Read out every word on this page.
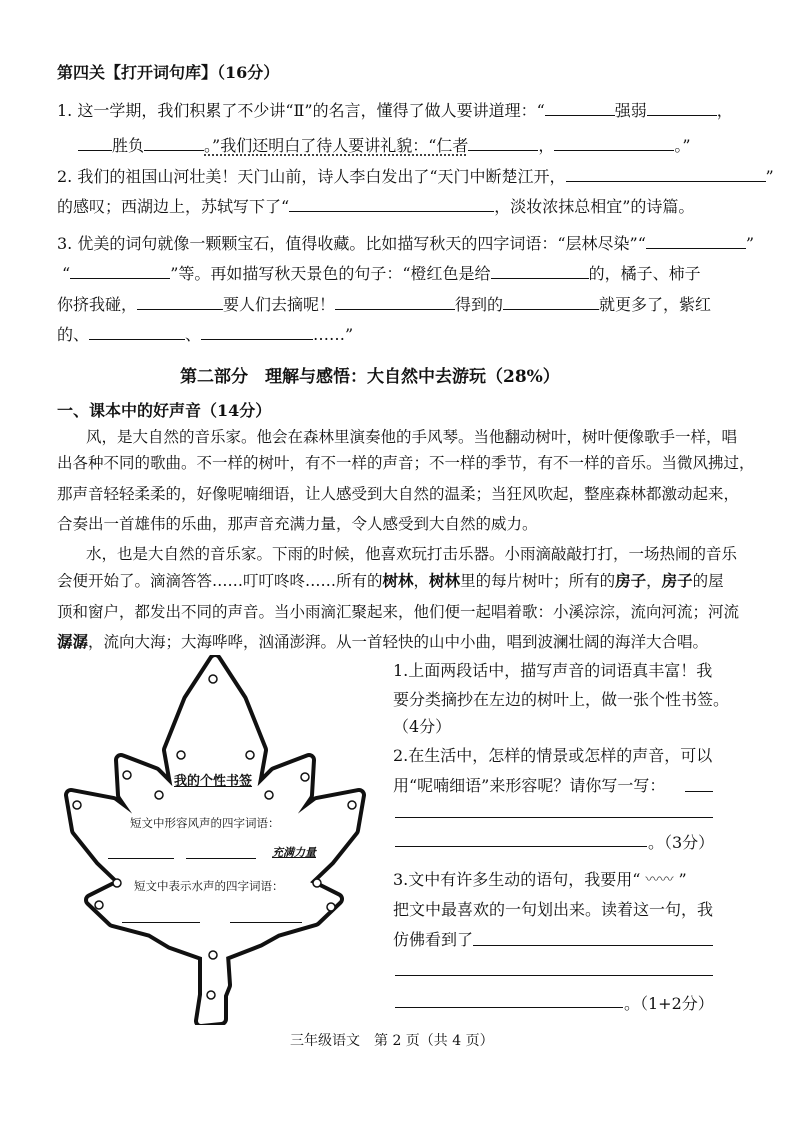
第四关【打开词句库】（16分）
1. 这一学期，我们积累了不少讲“Ⅱ”的名言，懂得了做人要讲道理：“	强弱	，
胜负	。”我们还明白了待人要讲礼貌：“仁者	，	。”
2. 我们的祖国山河壮美！天门山前，诗人李白发出了“天门中断楚江开，	”
的感叹；西湖边上，苏轼写下了“	，淡妆浓抹总相宜”的诗篇。
3. 优美的词句就像一颗颗宝石，值得收藏。比如描写秋天的四字词语：“层林尽染”“	”
“	”等。再如描写秋天景色的句子：“橙红色是给	的，橘子、柿子
你挤我碰，	要人们去摘呢！	得到的	就更多了，紫红
的、	、	……”
第二部分　理解与感悟：大自然中去游玩（28%）
一、课本中的好声音（14分）
风，是大自然的音乐家。他会在森林里演奏他的手风琴。当他翻动树叶，树叶便像歌手一样，唱
出各种不同的歌曲。不一样的树叶，有不一样的声音；不一样的季节，有不一样的音乐。当微风拂过，
那声音轻轻柔柔的，好像呢喃细语，让人感受到大自然的温柔；当狂风吹起，整座森林都激动起来，
合奏出一首雄伟的乐曲，那声音充满力量，令人感受到大自然的威力。
水，也是大自然的音乐家。下雨的时候，他喜欢玩打击乐器。小雨滴敲敲打打，一场热闹的音乐
会便开始了。滴滴答答……叮叮咚咚……所有的树林，树林里的每片树叶；所有的房子，房子的屋
顶和窗户，都发出不同的声音。当小雨滴汇聚起来，他们便一起唱着歌：小溪淙淙，流向河流；河流
潺潺，流向大海；大海哗哗，汹涌澎湃。从一首轻快的山中小曲，唱到波澜壮阔的海洋大合唱。
我的个性书签
短文中形容风声的四字词语：
充满力量
短文中表示水声的四字词语：
1.上面两段话中，描写声音的词语真丰富！我
要分类摘抄在左边的树叶上，做一张个性书签。
（4分）
2.在生活中，怎样的情景或怎样的声音，可以
用“呢喃细语”来形容呢？请你写一写：
。（3分）
3.文中有许多生动的语句，我要用“ 〰〰 ”
把文中最喜欢的一句划出来。读着这一句，我
仿佛看到了
。（1+2分）
三年级语文　第 2 页（共 4 页）
